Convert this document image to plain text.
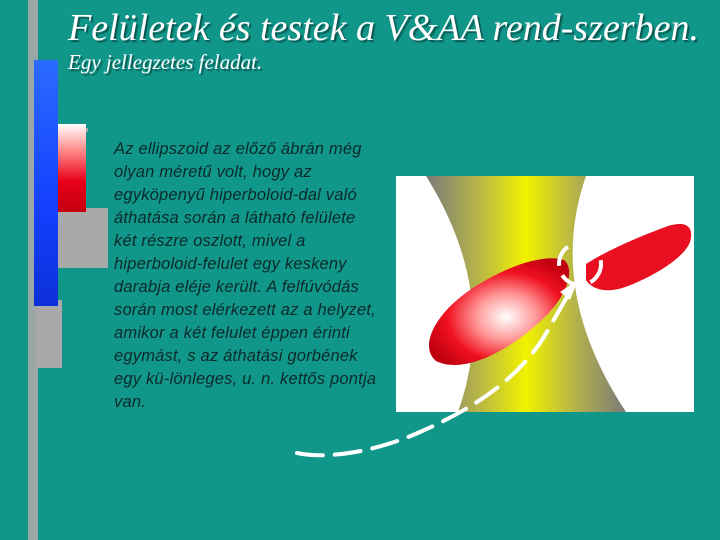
Felületek és testek a V&AA rend-szerben. Egy jellegzetes feladat.
Az ellipszoid az előző ábrán még olyan méretű volt, hogy az egyköpenyű hiperboloid-dal való áthatása során a látható felülete két részre oszlott, mivel a hiperboloid-felulet egy keskeny darabja eléje került. A felfúvódás során most elérkezett az a helyzet, amikor a két felulet éppen érinti egymást, s az áthatási gorbének egy kü-lönleges, u. n. kettős pontja van.
